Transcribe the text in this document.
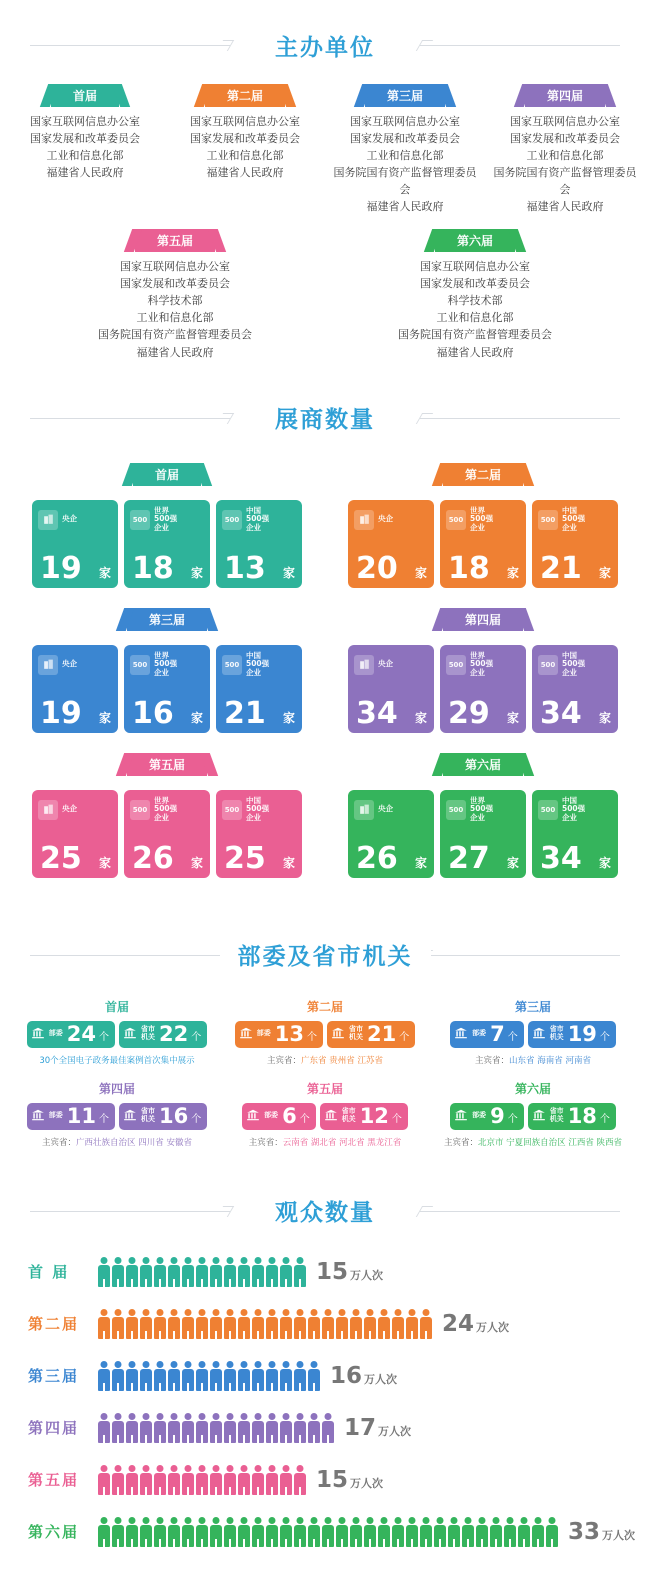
主办单位
首届
国家互联网信息办公室
国家发展和改革委员会
工业和信息化部
福建省人民政府
第二届
国家互联网信息办公室
国家发展和改革委员会
工业和信息化部
福建省人民政府
第三届
国家互联网信息办公室
国家发展和改革委员会
工业和信息化部
国务院国有资产监督管理委员会
福建省人民政府
第四届
国家互联网信息办公室
国家发展和改革委员会
工业和信息化部
国务院国有资产监督管理委员会
福建省人民政府
第五届
国家互联网信息办公室
国家发展和改革委员会
科学技术部
工业和信息化部
国务院国有资产监督管理委员会
福建省人民政府
第六届
国家互联网信息办公室
国家发展和改革委员会
科学技术部
工业和信息化部
国务院国有资产监督管理委员会
福建省人民政府
展商数量
首届
央企
19 家
500
世界
500强
企业
18 家
500
中国
500强
企业
13 家
第二届
央企
20 家
500
世界
500强
企业
18 家
500
中国
500强
企业
21 家
第三届
央企
19 家
500
世界
500强
企业
16 家
500
中国
500强
企业
21 家
第四届
央企
34 家
500
世界
500强
企业
29 家
500
中国
500强
企业
34 家
第五届
央企
25 家
500
世界
500强
企业
26 家
500
中国
500强
企业
25 家
第六届
央企
26 家
500
世界
500强
企业
27 家
500
中国
500强
企业
34 家
部委及省市机关
首届
部委 24 个
省市机关 22 个
30个全国电子政务最佳案例首次集中展示
第二届
部委 13 个
省市机关 21 个
主宾省：广东省 贵州省 江苏省
第三届
部委 7 个
省市机关 19 个
主宾省：山东省 海南省 河南省
第四届
部委 11 个
省市机关 16 个
主宾省：广西壮族自治区 四川省 安徽省
第五届
部委 6 个
省市机关 12 个
主宾省：云南省 湖北省 河北省 黑龙江省
第六届
部委 9 个
省市机关 18 个
主宾省：北京市 宁夏回族自治区 江西省 陕西省
观众数量
首 届	15 万人次
第二届	24 万人次
第三届	16 万人次
第四届	17 万人次
第五届	15 万人次
第六届	33 万人次
